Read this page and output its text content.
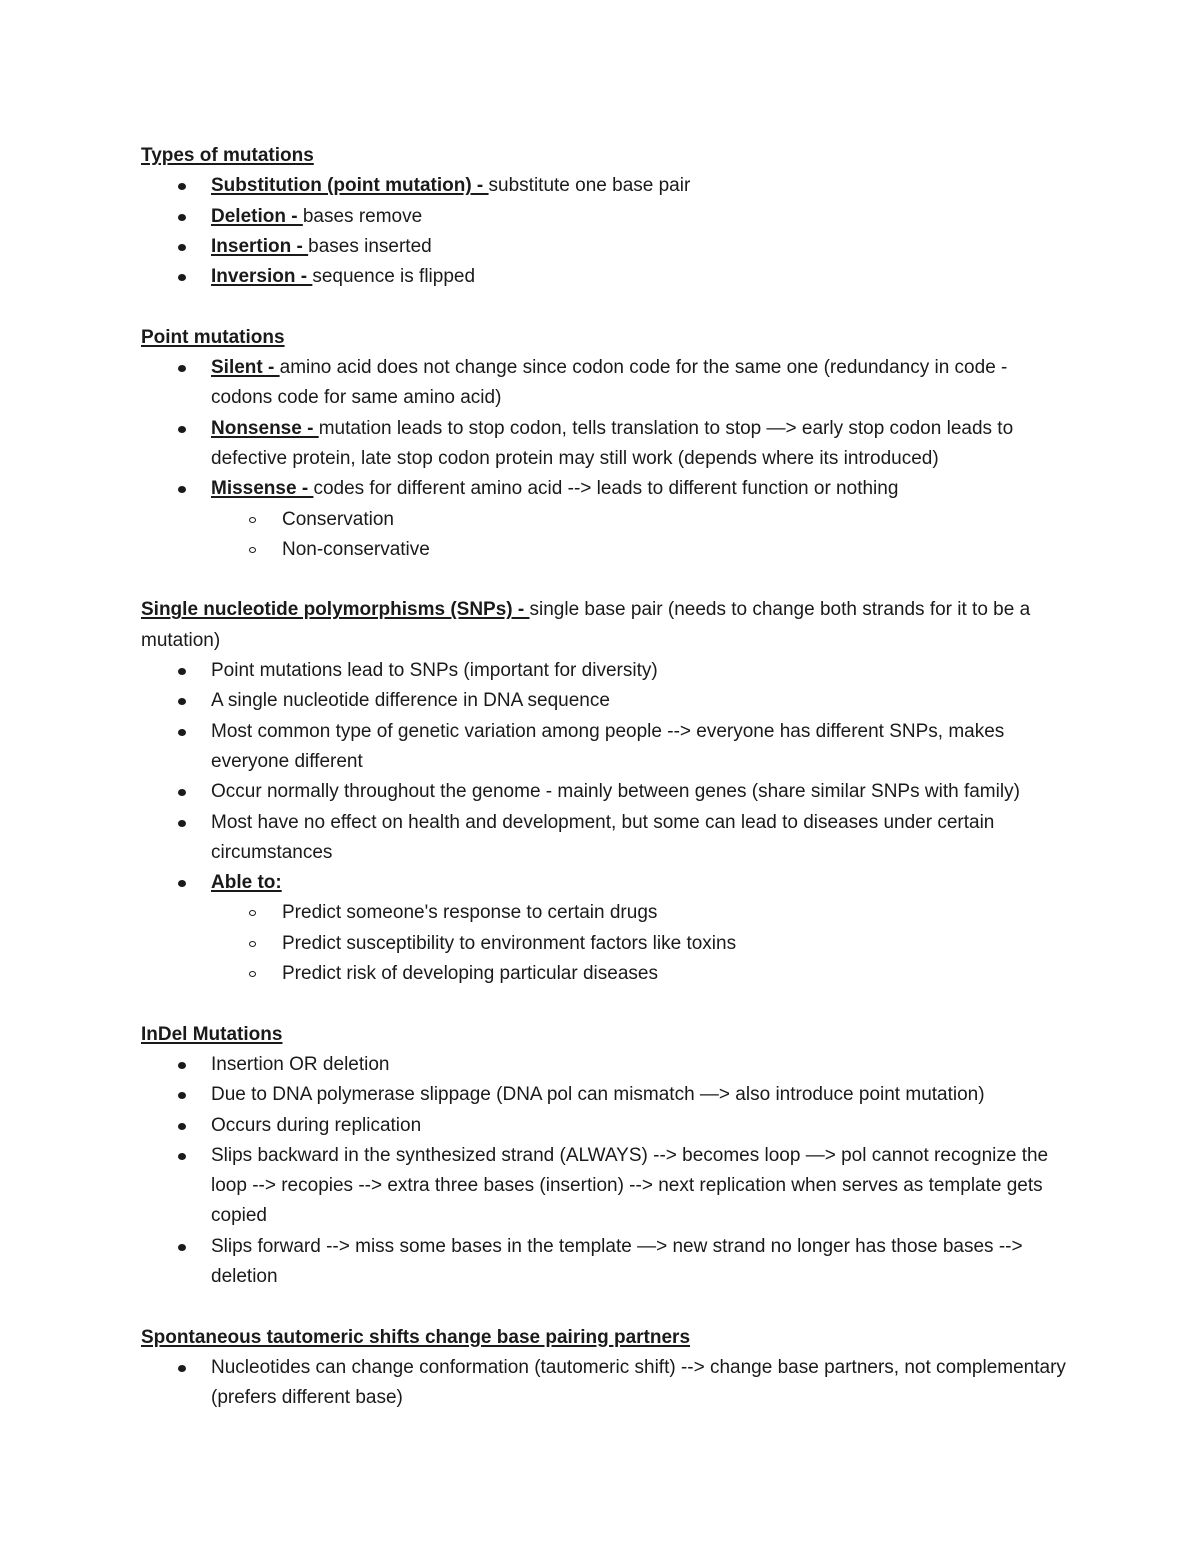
Types of mutations

Substitution (point mutation) - substitute one base pair
Deletion - bases remove
Insertion - bases inserted
Inversion - sequence is flipped

Point mutations

Silent - amino acid does not change since codon code for the same one (redundancy in code - codons code for same amino acid)
Nonsense - mutation leads to stop codon, tells translation to stop —> early stop codon leads to defective protein, late stop codon protein may still work (depends where its introduced)
Missense - codes for different amino acid --> leads to different function or nothing
Conservation
Non-conservative

Single nucleotide polymorphisms (SNPs) - single base pair (needs to change both strands for it to be a mutation)

Point mutations lead to SNPs (important for diversity)
A single nucleotide difference in DNA sequence
Most common type of genetic variation among people --> everyone has different SNPs, makes everyone different
Occur normally throughout the genome - mainly between genes (share similar SNPs with family)
Most have no effect on health and development, but some can lead to diseases under certain circumstances
Able to:
Predict someone's response to certain drugs
Predict susceptibility to environment factors like toxins
Predict risk of developing particular diseases

InDel Mutations

Insertion OR deletion
Due to DNA polymerase slippage (DNA pol can mismatch —> also introduce point mutation)
Occurs during replication
Slips backward in the synthesized strand (ALWAYS) --> becomes loop —> pol cannot recognize the loop --> recopies --> extra three bases (insertion) --> next replication when serves as template gets copied
Slips forward --> miss some bases in the template —> new strand no longer has those bases --> deletion

Spontaneous tautomeric shifts change base pairing partners

Nucleotides can change conformation (tautomeric shift) --> change base partners, not complementary (prefers different base)
